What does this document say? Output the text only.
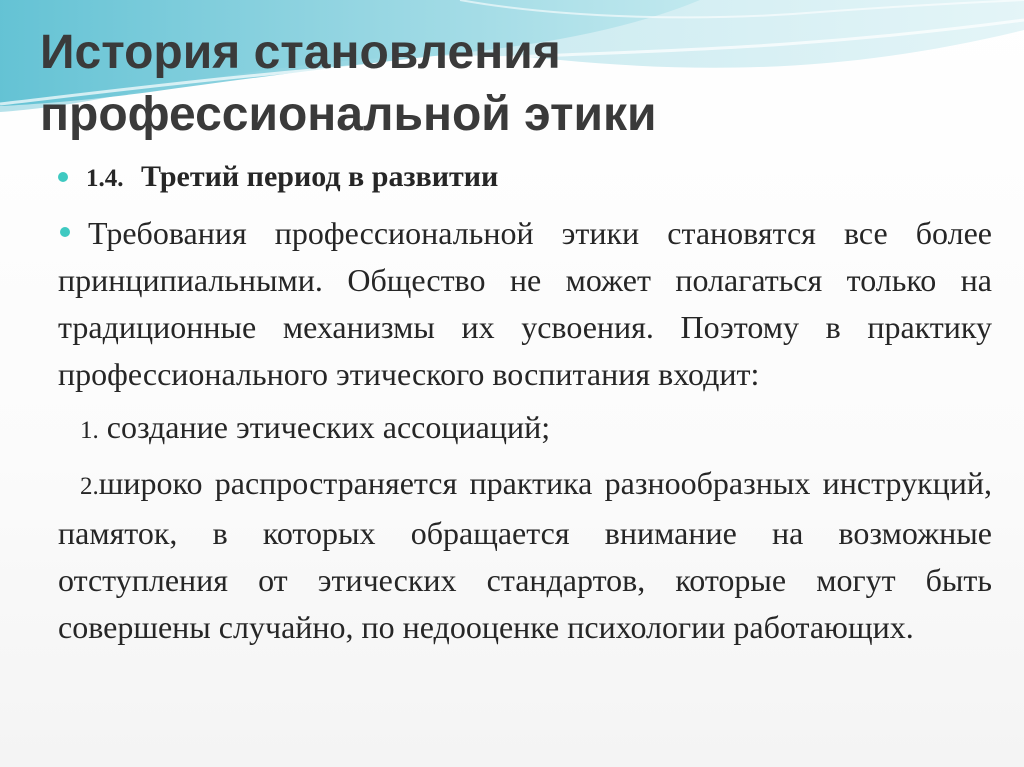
История становления профессиональной этики
1.4. Третий период в развитии
Требования профессиональной этики становятся все более принципиальными. Общество не может полагаться только на традиционные механизмы их усвоения. Поэтому в практику профессионального этического воспитания входит:
1. создание этических ассоциаций;
2.широко распространяется практика разнообразных инструкций, памяток, в которых обращается внимание на возможные отступления от этических стандартов, которые могут быть совершены случайно, по недооценке психологии работающих.
